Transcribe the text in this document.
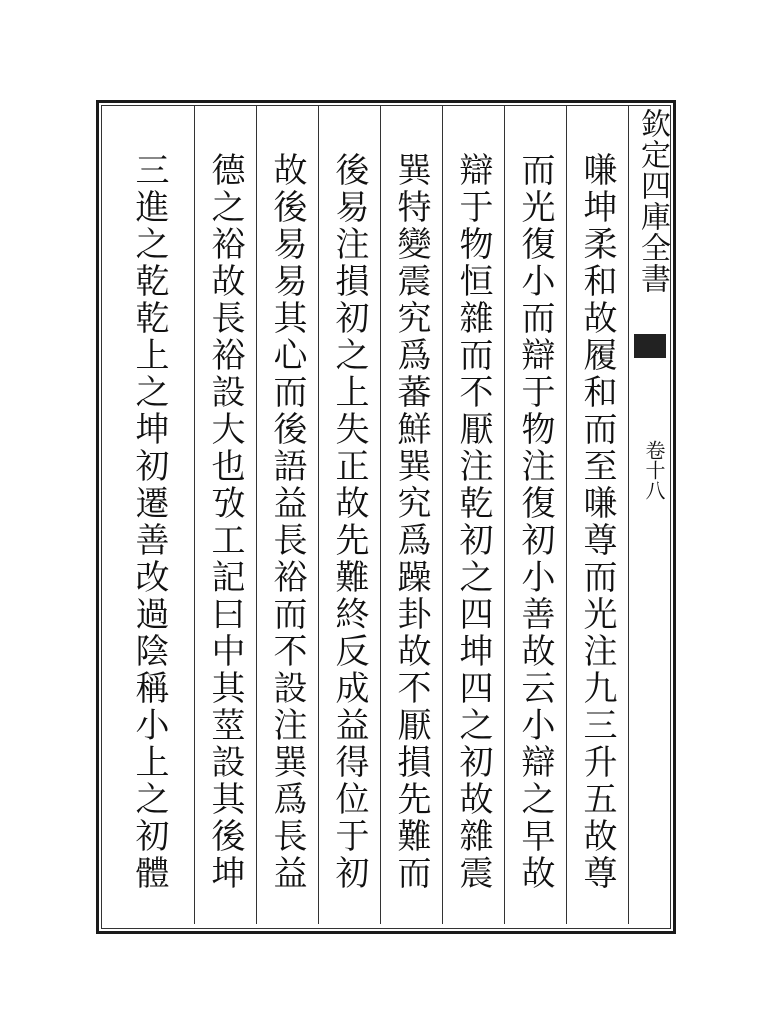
欽定四庫全書
卷十八
嗛坤柔和故履和而至嗛尊而光注九三升五故尊
而光復小而辯于物注復初小善故云小辯之早故
辯于物恒雜而不厭注乾初之四坤四之初故雜震
巽特變震究爲蕃鮮巽究爲躁卦故不厭損先難而
後易注損初之上失正故先難終反成益得位于初
故後易易其心而後語益長裕而不設注巽爲長益
德之裕故長裕設大也攷工記曰中其莖設其後坤
三進之乾乾上之坤初遷善改過陰稱小上之初體
